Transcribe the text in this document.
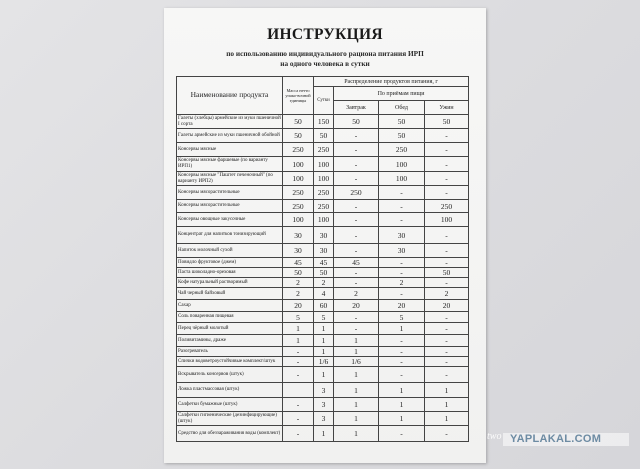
ИНСТРУКЦИЯ
по использованию индивидуального рациона питания ИРП
на одного человека в сутки
Наименование продукта	Масса нетто упако-вочной единицы	Распределение продуктов питания, г			
		Сутки	По приёмам пищи		
			Завтрак	Обед	Ужин
Галеты (хлебцы) армейские из муки пшеничной I сорта	50	150	50	50	50
Галеты армейские из муки пшеничной обойной	50	50	-	50	-
Консервы мясные	250	250	-	250	-
Консервы мясные фаршевые (по варианту ИРП1)	100	100	-	100	-
Консервы мясные "Паштет печеночный" (по варианту ИРП2)	100	100	-	100	-
Консервы мясорастительные	250	250	250	-	-
Консервы мясорастительные	250	250	-	-	250
Консервы овощные закусочные	100	100	-	-	100
Концентрат для напитков тонизирующий	30	30	-	30	-
Напиток молочный сухой	30	30	-	30	-
Повидло фруктовое (джем)	45	45	45	-	-
Паста шоколадно-ореховая	50	50	-	-	50
Кофе натуральный растворимый	2	2	-	2	-
Чай черный байховый	2	4	2	-	2
Сахар	20	60	20	20	20
Соль поваренная пищевая	5	5	-	5	-
Перец чёрный молотый	1	1	-	1	-
Поливитамины, драже	1	1	1	-	-
Разогреватель	-	1	1	-	-
Спички водоветроустойчивые комплект/штук	-	1/6	1/6	-	-
Вскрыватель консервов (штук)	-	1	1	-	-
Ложка пластмассовая (штук)		3	1	1	1
Салфетки бумажные (штук)	-	3	1	1	1
Салфетки гигиенические (дезинфицирующие) (штук)	-	3	1	1	1
Средство для обеззараживания воды (комплект)	-	1	1	-	-	two YAPLAKAL.COM
